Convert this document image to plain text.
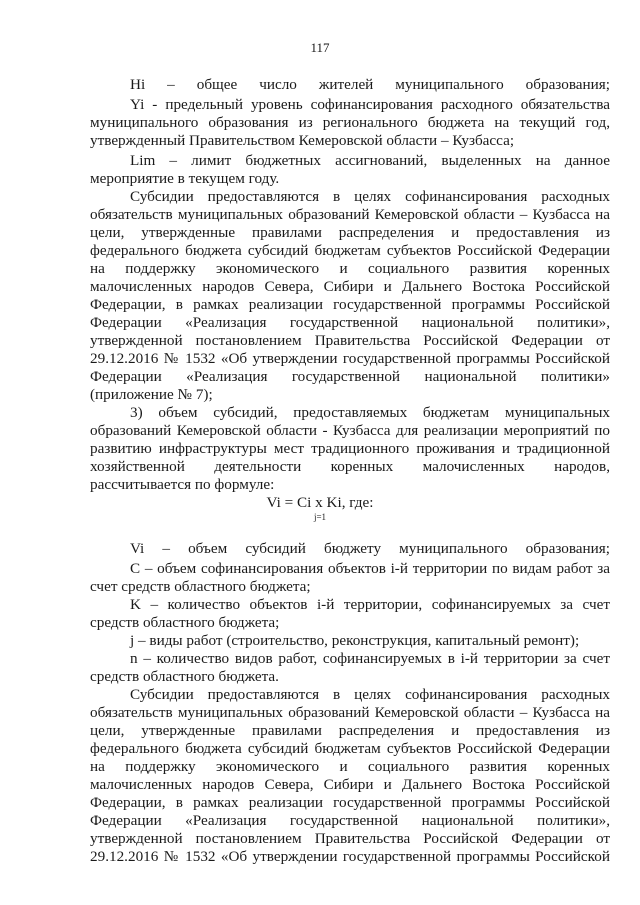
117
Hi – общее число жителей муниципального образования;
Yi - предельный уровень софинансирования расходного обязательства
муниципального образования из регионального бюджета на текущий год,
утвержденный Правительством Кемеровской области – Кузбасса;
Lim – лимит бюджетных ассигнований, выделенных на данное
мероприятие в текущем году.
Субсидии предоставляются в целях софинансирования расходных
обязательств муниципальных образований Кемеровской области – Кузбасса на
цели, утвержденные правилами распределения и предоставления из
федерального бюджета субсидий бюджетам субъектов Российской Федерации
на поддержку экономического и социального развития коренных
малочисленных народов Севера, Сибири и Дальнего Востока Российской
Федерации, в рамках реализации государственной программы Российской
Федерации «Реализация государственной национальной политики»,
утвержденной постановлением Правительства Российской Федерации от
29.12.2016 № 1532 «Об утверждении государственной программы Российской
Федерации «Реализация государственной национальной политики»
(приложение № 7);
3) объем субсидий, предоставляемых бюджетам муниципальных
образований Кемеровской области - Кузбасса для реализации мероприятий по
развитию инфраструктуры мест традиционного проживания и традиционной
хозяйственной деятельности коренных малочисленных народов,
рассчитывается по формуле:
Vi = Ci x Ki, где:
j=1
Vi – объем субсидий бюджету муниципального образования;
C – объем софинансирования объектов i-й территории по видам работ за
счет средств областного бюджета;
K – количество объектов i-й территории, софинансируемых за счет
средств областного бюджета;
j – виды работ (строительство, реконструкция, капитальный ремонт);
n – количество видов работ, софинансируемых в i-й территории за счет
средств областного бюджета.
Субсидии предоставляются в целях софинансирования расходных
обязательств муниципальных образований Кемеровской области – Кузбасса на
цели, утвержденные правилами распределения и предоставления из
федерального бюджета субсидий бюджетам субъектов Российской Федерации
на поддержку экономического и социального развития коренных
малочисленных народов Севера, Сибири и Дальнего Востока Российской
Федерации, в рамках реализации государственной программы Российской
Федерации «Реализация государственной национальной политики»,
утвержденной постановлением Правительства Российской Федерации от
29.12.2016 № 1532 «Об утверждении государственной программы Российской
